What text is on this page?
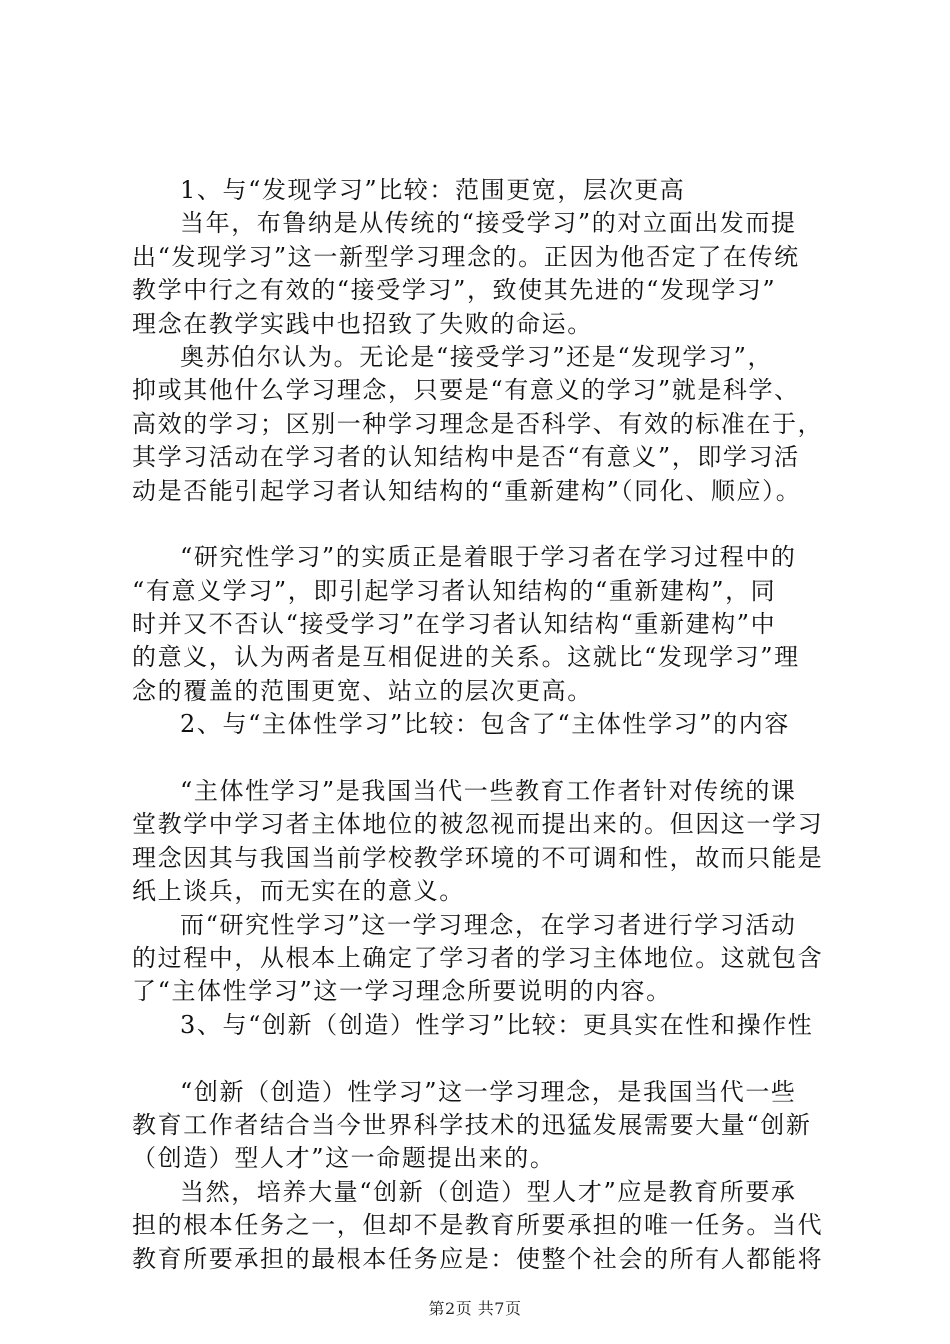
1、与“发现学习”比较：范围更宽，层次更高
当年，布鲁纳是从传统的“接受学习”的对立面出发而提
出“发现学习”这一新型学习理念的。正因为他否定了在传统
教学中行之有效的“接受学习”，致使其先进的“发现学习”
理念在教学实践中也招致了失败的命运。
奥苏伯尔认为。无论是“接受学习”还是“发现学习”，
抑或其他什么学习理念，只要是“有意义的学习”就是科学、
高效的学习；区别一种学习理念是否科学、有效的标准在于，
其学习活动在学习者的认知结构中是否“有意义”，即学习活
动是否能引起学习者认知结构的“重新建构”（同化、顺应）。
“研究性学习”的实质正是着眼于学习者在学习过程中的
“有意义学习”，即引起学习者认知结构的“重新建构”，同
时并又不否认“接受学习”在学习者认知结构“重新建构”中
的意义，认为两者是互相促进的关系。这就比“发现学习”理
念的覆盖的范围更宽、站立的层次更高。
2、与“主体性学习”比较：包含了“主体性学习”的内容
“主体性学习”是我国当代一些教育工作者针对传统的课
堂教学中学习者主体地位的被忽视而提出来的。但因这一学习
理念因其与我国当前学校教学环境的不可调和性，故而只能是
纸上谈兵，而无实在的意义。
而“研究性学习”这一学习理念，在学习者进行学习活动
的过程中，从根本上确定了学习者的学习主体地位。这就包含
了“主体性学习”这一学习理念所要说明的内容。
3、与“创新（创造）性学习”比较：更具实在性和操作性
“创新（创造）性学习”这一学习理念，是我国当代一些
教育工作者结合当今世界科学技术的迅猛发展需要大量“创新
（创造）型人才”这一命题提出来的。
当然，培养大量“创新（创造）型人才”应是教育所要承
担的根本任务之一，但却不是教育所要承担的唯一任务。当代
教育所要承担的最根本任务应是：使整个社会的所有人都能将
第2页 共7页
